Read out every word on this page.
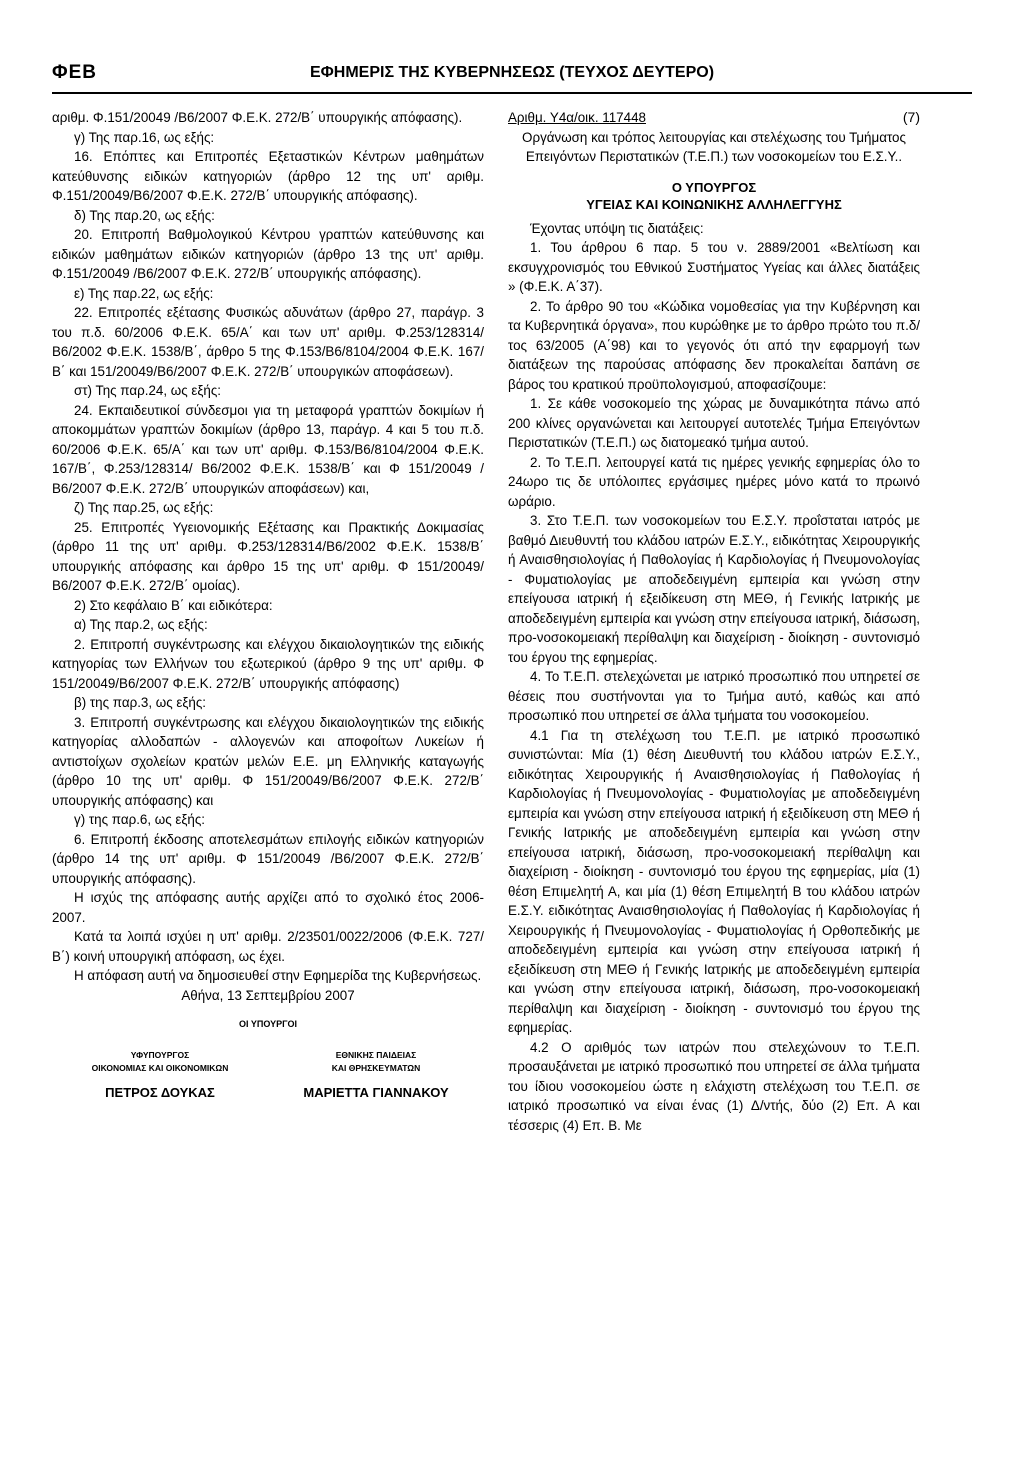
ΦΕΒ	ΕΦΗΜΕΡΙΣ ΤΗΣ ΚΥΒΕΡΝΗΣΕΩΣ (ΤΕΥΧΟΣ ΔΕΥΤΕΡΟ)

αριθμ. Φ.151/20049 /Β6/2007 Φ.Ε.Κ. 272/Β΄ υπουργικής απόφασης).

γ) Της παρ.16, ως εξής:

16. Επόπτες και Επιτροπές Εξεταστικών Κέντρων μαθημάτων κατεύθυνσης ειδικών κατηγοριών (άρθρο 12 της υπ' αριθμ. Φ.151/20049/Β6/2007 Φ.Ε.Κ. 272/Β΄ υπουργικής απόφασης).

δ) Της παρ.20, ως εξής:

20. Επιτροπή Βαθμολογικού Κέντρου γραπτών κατεύθυνσης και ειδικών μαθημάτων ειδικών κατηγοριών (άρθρο 13 της υπ' αριθμ. Φ.151/20049 /Β6/2007 Φ.Ε.Κ. 272/Β΄ υπουργικής απόφασης).

ε) Της παρ.22, ως εξής:

22. Επιτροπές εξέτασης Φυσικώς αδυνάτων (άρθρο 27, παράγρ. 3 του π.δ. 60/2006 Φ.Ε.Κ. 65/Α΄ και των υπ' αριθμ. Φ.253/128314/Β6/2002 Φ.Ε.Κ. 1538/Β΄, άρθρο 5 της Φ.153/Β6/8104/2004 Φ.Ε.Κ. 167/Β΄ και 151/20049/Β6/2007 Φ.Ε.Κ. 272/Β΄ υπουργικών αποφάσεων).

στ) Της παρ.24, ως εξής:

24. Εκπαιδευτικοί σύνδεσμοι για τη μεταφορά γραπτών δοκιμίων ή αποκομμάτων γραπτών δοκιμίων (άρθρο 13, παράγρ. 4 και 5 του π.δ. 60/2006 Φ.Ε.Κ. 65/Α΄ και των υπ' αριθμ. Φ.153/Β6/8104/2004 Φ.Ε.Κ. 167/Β΄, Φ.253/128314/ Β6/2002 Φ.Ε.Κ. 1538/Β΄ και Φ 151/20049 /Β6/2007 Φ.Ε.Κ. 272/Β΄ υπουργικών αποφάσεων) και,

ζ) Της παρ.25, ως εξής:

25. Επιτροπές Υγειονομικής Εξέτασης και Πρακτικής Δοκιμασίας (άρθρο 11 της υπ' αριθμ. Φ.253/128314/Β6/2002 Φ.Ε.Κ. 1538/Β΄ υπουργικής απόφασης και άρθρο 15 της υπ' αριθμ. Φ 151/20049/Β6/2007 Φ.Ε.Κ. 272/Β΄ ομοίας).

2) Στο κεφάλαιο Β΄ και ειδικότερα:

α) Της παρ.2, ως εξής:

2. Επιτροπή συγκέντρωσης και ελέγχου δικαιολογητικών της ειδικής κατηγορίας των Ελλήνων του εξωτερικού (άρθρο 9 της υπ' αριθμ. Φ 151/20049/Β6/2007 Φ.Ε.Κ. 272/Β΄ υπουργικής απόφασης)

β) της παρ.3, ως εξής:

3. Επιτροπή συγκέντρωσης και ελέγχου δικαιολογητικών της ειδικής κατηγορίας αλλοδαπών - αλλογενών και αποφοίτων Λυκείων ή αντιστοίχων σχολείων κρατών μελών Ε.Ε. μη Ελληνικής καταγωγής (άρθρο 10 της υπ' αριθμ. Φ 151/20049/Β6/2007 Φ.Ε.Κ. 272/Β΄ υπουργικής απόφασης) και

γ) της παρ.6, ως εξής:

6. Επιτροπή έκδοσης αποτελεσμάτων επιλογής ειδικών κατηγοριών (άρθρο 14 της υπ' αριθμ. Φ 151/20049 /Β6/2007 Φ.Ε.Κ. 272/Β΄ υπουργικής απόφασης).

Η ισχύς της απόφασης αυτής αρχίζει από το σχολικό έτος 2006-2007.

Κατά τα λοιπά ισχύει η υπ' αριθμ. 2/23501/0022/2006 (Φ.Ε.Κ. 727/Β΄) κοινή υπουργική απόφαση, ως έχει.

Η απόφαση αυτή να δημοσιευθεί στην Εφημερίδα της Κυβερνήσεως.

Αθήνα, 13 Σεπτεμβρίου 2007

ΟΙ ΥΠΟΥΡΓΟΙ
ΥΦΥΠΟΥΡΓΟΣ
ΟΙΚΟΝΟΜΙΑΣ ΚΑΙ ΟΙΚΟΝΟΜΙΚΩΝ
ΠΕΤΡΟΣ ΔΟΥΚΑΣ
ΕΘΝΙΚΗΣ ΠΑΙΔΕΙΑΣ
ΚΑΙ ΘΡΗΣΚΕΥΜΑΤΩΝ
ΜΑΡΙΕΤΤΑ ΓΙΑΝΝΑΚΟΥ
Αριθμ. Υ4α/οικ. 117448	(7)

Οργάνωση και τρόπος λειτουργίας και στελέχωσης του Τμήματος Επειγόντων Περιστατικών (Τ.Ε.Π.) των νοσοκομείων του Ε.Σ.Υ..

Ο ΥΠΟΥΡΓΟΣ
ΥΓΕΙΑΣ ΚΑΙ ΚΟΙΝΩΝΙΚΗΣ ΑΛΛΗΛΕΓΓΥΗΣ

Έχοντας υπόψη τις διατάξεις:

1. Του άρθρου 6 παρ. 5 του ν. 2889/2001 «Βελτίωση και εκσυγχρονισμός του Εθνικού Συστήματος Υγείας και άλλες διατάξεις » (Φ.Ε.Κ. Α΄37).

2. Το άρθρο 90 του «Κώδικα νομοθεσίας για την Κυβέρνηση και τα Κυβερνητικά όργανα», που κυρώθηκε με το άρθρο πρώτο του π.δ/τος 63/2005 (Α΄98) και το γεγονός ότι από την εφαρμογή των διατάξεων της παρούσας απόφασης δεν προκαλείται δαπάνη σε βάρος του κρατικού προϋπολογισμού, αποφασίζουμε:

1. Σε κάθε νοσοκομείο της χώρας με δυναμικότητα πάνω από 200 κλίνες οργανώνεται και λειτουργεί αυτοτελές Τμήμα Επειγόντων Περιστατικών (Τ.Ε.Π.) ως διατομεακό τμήμα αυτού.

2. Το Τ.Ε.Π. λειτουργεί κατά τις ημέρες γενικής εφημερίας όλο το 24ωρο τις δε υπόλοιπες εργάσιμες ημέρες μόνο κατά το πρωινό ωράριο.

3. Στο Τ.Ε.Π. των νοσοκομείων του Ε.Σ.Υ. προΐσταται ιατρός με βαθμό Διευθυντή του κλάδου ιατρών Ε.Σ.Υ., ειδικότητας Χειρουργικής ή Αναισθησιολογίας ή Παθολογίας ή Καρδιολογίας ή Πνευμονολογίας - Φυματιολογίας με αποδεδειγμένη εμπειρία και γνώση στην επείγουσα ιατρική ή εξειδίκευση στη ΜΕΘ, ή Γενικής Ιατρικής με αποδεδειγμένη εμπειρία και γνώση στην επείγουσα ιατρική, διάσωση, προ-νοσοκομειακή περίθαλψη και διαχείριση - διοίκηση - συντονισμό του έργου της εφημερίας.

4. Το Τ.Ε.Π. στελεχώνεται με ιατρικό προσωπικό που υπηρετεί σε θέσεις που συστήνονται για το Τμήμα αυτό, καθώς και από προσωπικό που υπηρετεί σε άλλα τμήματα του νοσοκομείου.

4.1 Για τη στελέχωση του Τ.Ε.Π. με ιατρικό προσωπικό συνιστώνται: Μία (1) θέση Διευθυντή του κλάδου ιατρών Ε.Σ.Υ., ειδικότητας Χειρουργικής ή Αναισθησιολογίας ή Παθολογίας ή Καρδιολογίας ή Πνευμονολογίας - Φυματιολογίας με αποδεδειγμένη εμπειρία και γνώση στην επείγουσα ιατρική ή εξειδίκευση στη ΜΕΘ ή Γενικής Ιατρικής με αποδεδειγμένη εμπειρία και γνώση στην επείγουσα ιατρική, διάσωση, προ-νοσοκομειακή περίθαλψη και διαχείριση - διοίκηση - συντονισμό του έργου της εφημερίας, μία (1) θέση Επιμελητή Α, και μία (1) θέση Επιμελητή Β του κλάδου ιατρών Ε.Σ.Υ. ειδικότητας Αναισθησιολογίας ή Παθολογίας ή Καρδιολογίας ή Χειρουργικής ή Πνευμονολογίας - Φυματιολογίας ή Ορθοπεδικής με αποδεδειγμένη εμπειρία και γνώση στην επείγουσα ιατρική ή εξειδίκευση στη ΜΕΘ ή Γενικής Ιατρικής με αποδεδειγμένη εμπειρία και γνώση στην επείγουσα ιατρική, διάσωση, προ-νοσοκομειακή περίθαλψη και διαχείριση - διοίκηση - συντονισμό του έργου της εφημερίας.

4.2 Ο αριθμός των ιατρών που στελεχώνουν το Τ.Ε.Π. προσαυξάνεται με ιατρικό προσωπικό που υπηρετεί σε άλλα τμήματα του ίδιου νοσοκομείου ώστε η ελάχιστη στελέχωση του Τ.Ε.Π. σε ιατρικό προσωπικό να είναι ένας (1) Δ/ντής, δύο (2) Επ. Α και τέσσερις (4) Επ. Β. Με
